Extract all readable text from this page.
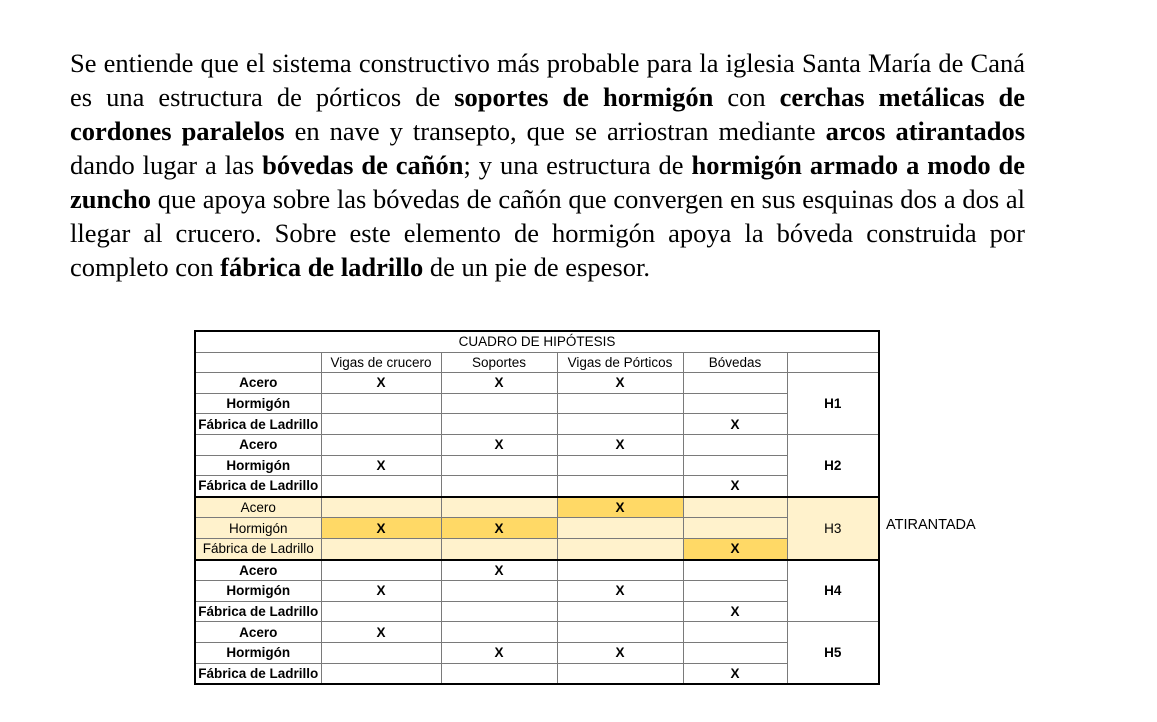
Se entiende que el sistema constructivo más probable para la iglesia Santa María de Caná es una estructura de pórticos de soportes de hormigón con cerchas metálicas de cordones paralelos en nave y transepto, que se arriostran mediante arcos atirantados dando lugar a las bóvedas de cañón; y una estructura de hormigón armado a modo de zuncho que apoya sobre las bóvedas de cañón que convergen en sus esquinas dos a dos al llegar al crucero. Sobre este elemento de hormigón apoya la bóveda construida por completo con fábrica de ladrillo de un pie de espesor.

CUADRO DE HIPÓTESIS					
	Vigas de crucero	Soportes	Vigas de Pórticos	Bóvedas	
Acero	X	X	X		H1
Hormigón					
Fábrica de Ladrillo				X	
Acero		X	X		H2
Hormigón	X				
Fábrica de Ladrillo				X	
Acero			X		H3
Hormigón	X	X			
Fábrica de Ladrillo				X	
Acero		X			H4
Hormigón	X		X		
Fábrica de Ladrillo				X	
Acero	X				H5
Hormigón		X	X		
Fábrica de Ladrillo				X	
ATIRANTADA
